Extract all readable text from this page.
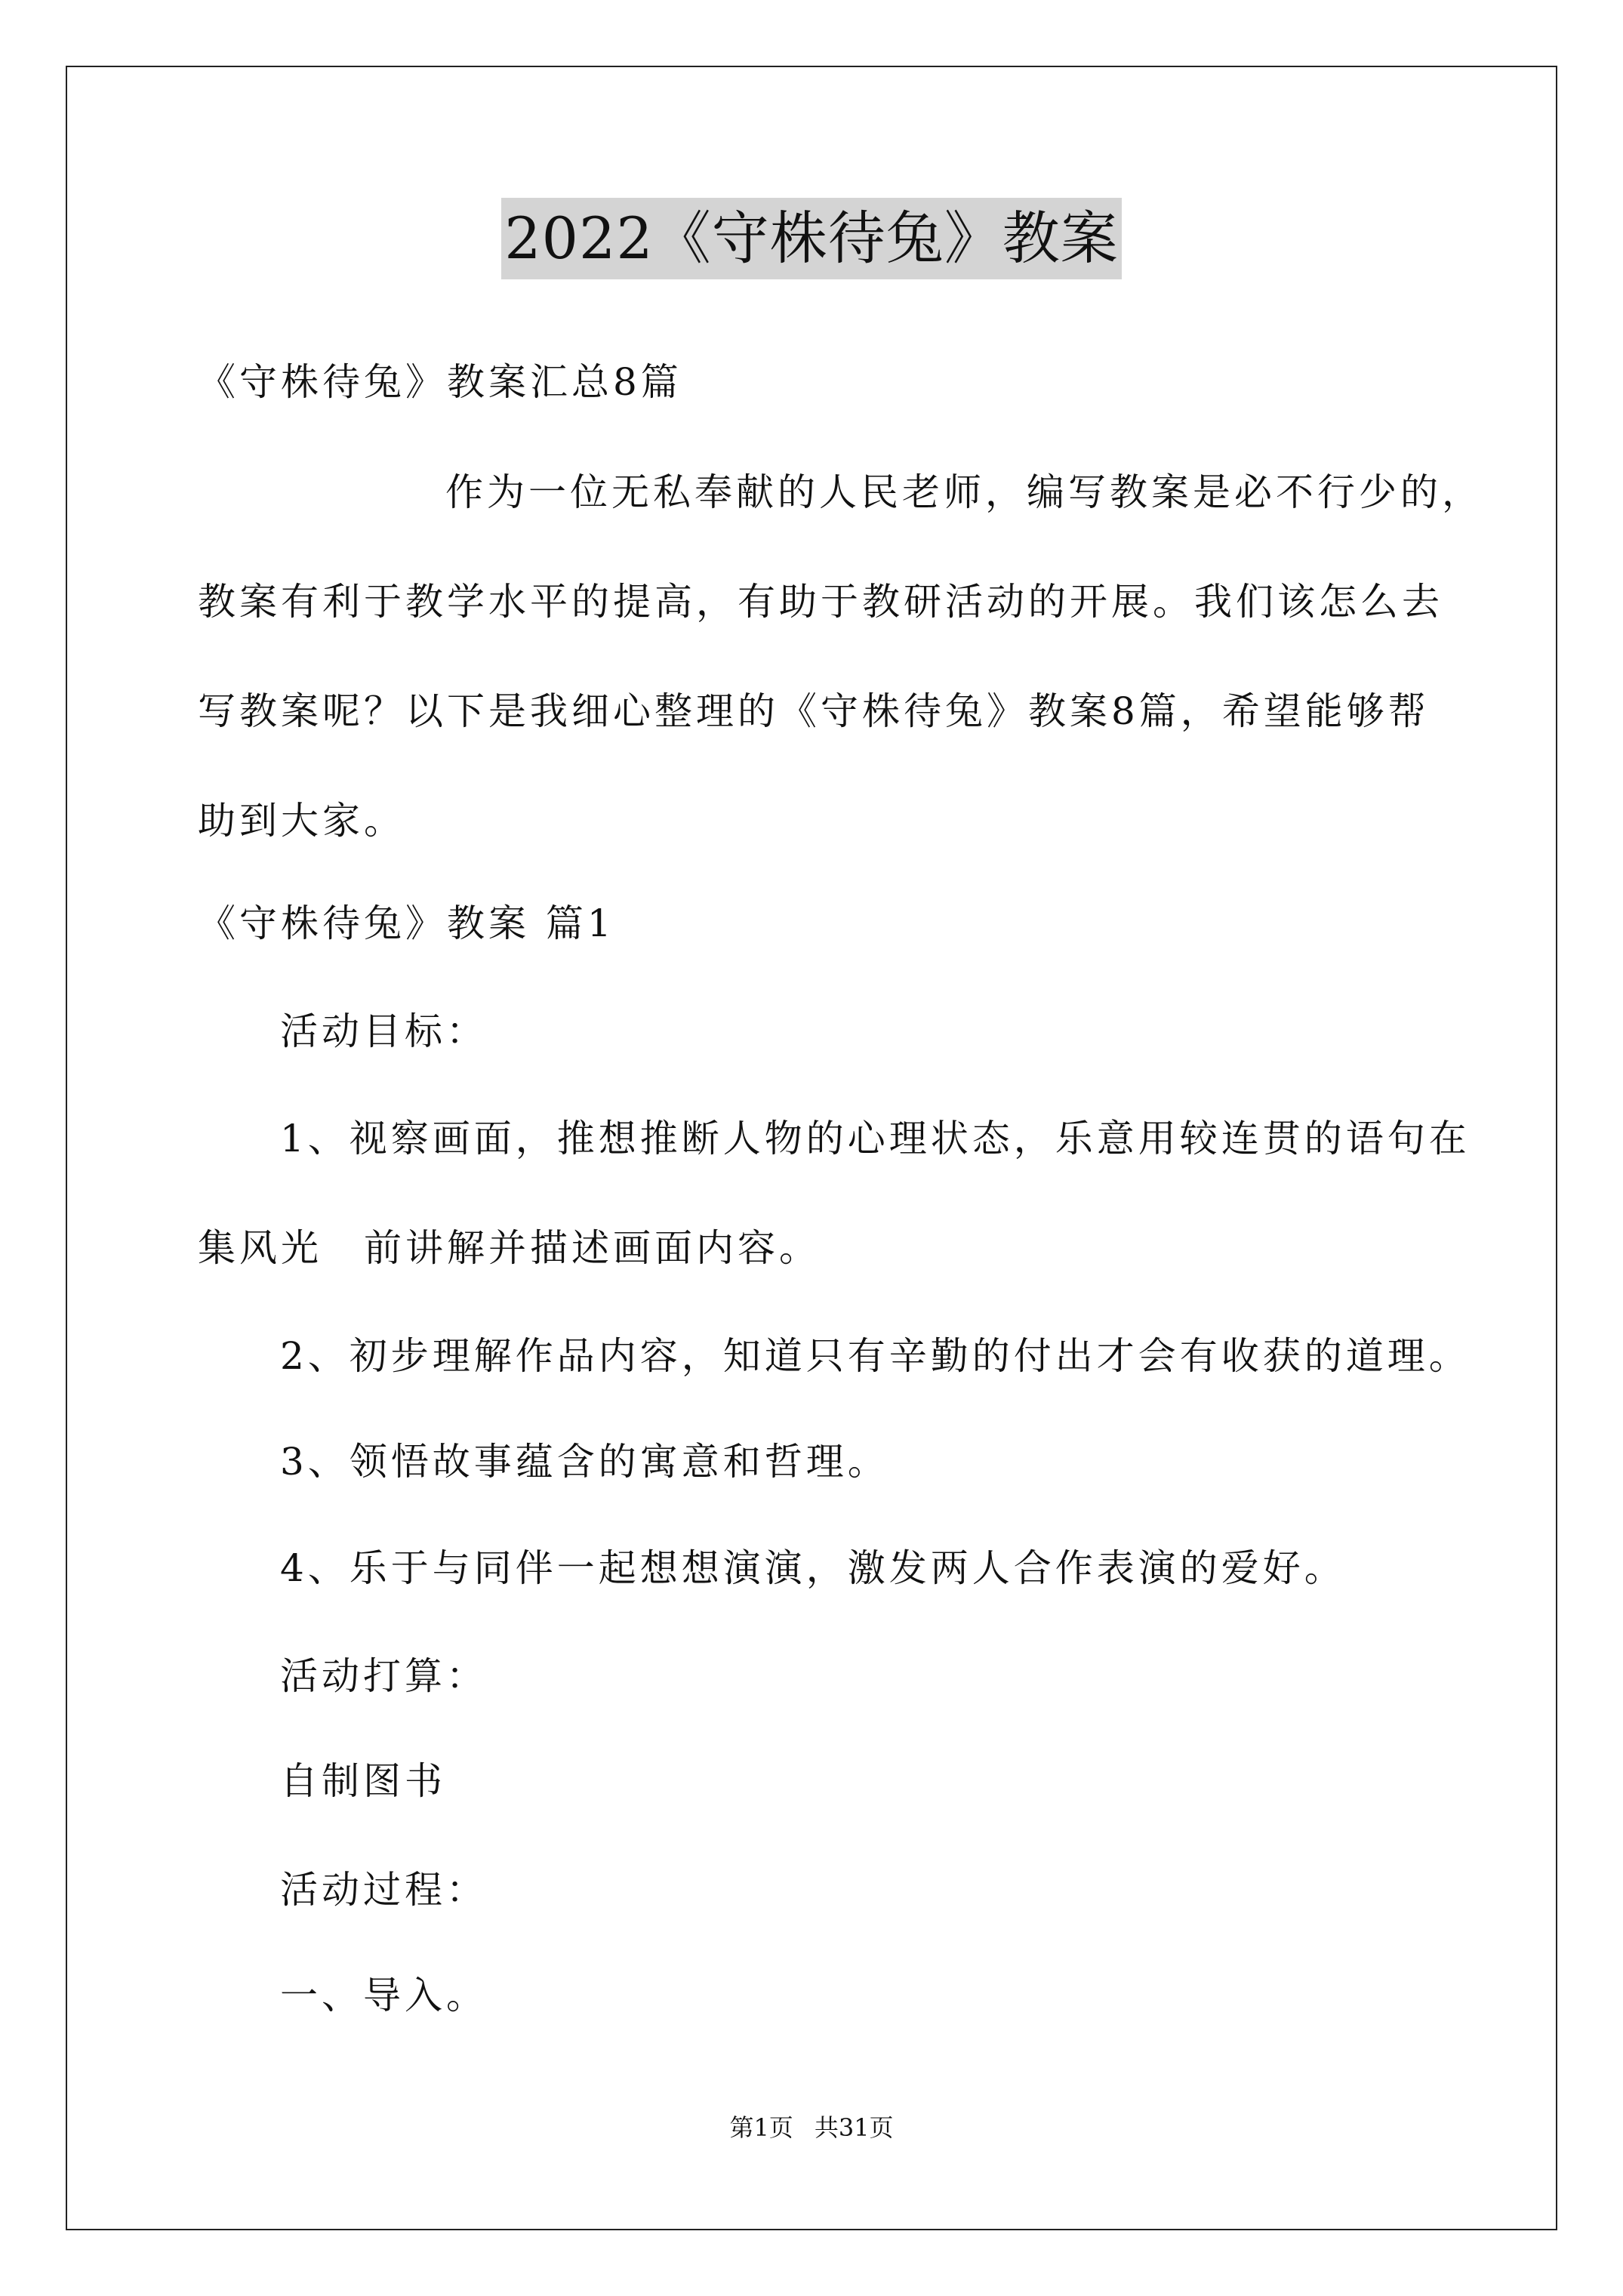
2022《守株待兔》教案
《守株待兔》教案汇总8篇
作为一位无私奉献的人民老师，编写教案是必不行少的，
教案有利于教学水平的提高，有助于教研活动的开展。我们该怎么去
写教案呢？以下是我细心整理的《守株待兔》教案8篇，希望能够帮
助到大家。
《守株待兔》教案 篇1
活动目标：
1、视察画面，推想推断人物的心理状态，乐意用较连贯的语句在
集风光　前讲解并描述画面内容。
2、初步理解作品内容，知道只有辛勤的付出才会有收获的道理。
3、领悟故事蕴含的寓意和哲理。
4、乐于与同伴一起想想演演，激发两人合作表演的爱好。
活动打算：
自制图书
活动过程：
一、导入。
第1页 共31页
